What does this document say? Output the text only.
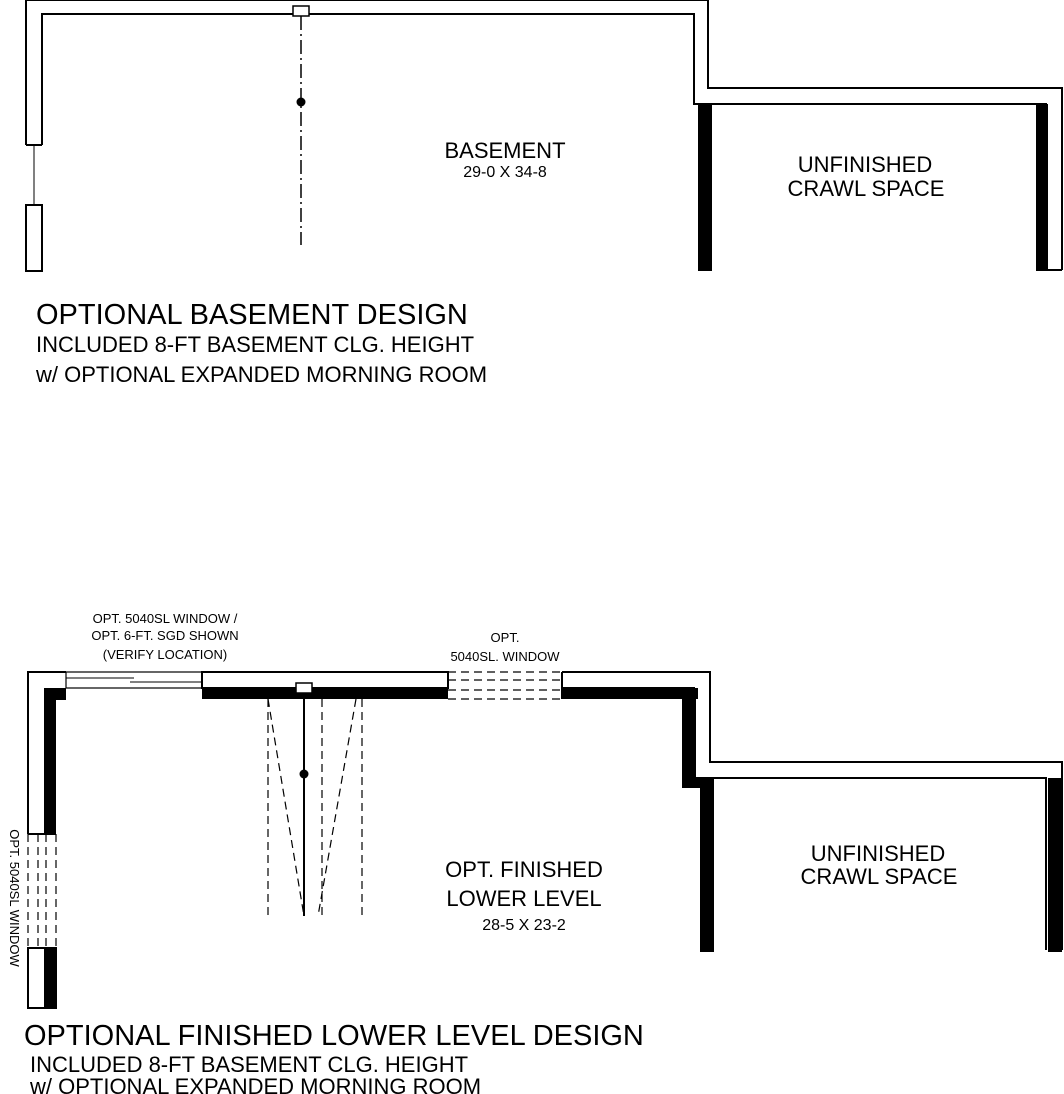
BASEMENT
29-0 X 34-8	UNFINISHED
CRAWL SPACE
OPTIONAL BASEMENT DESIGN
INCLUDED 8-FT BASEMENT CLG. HEIGHT
w/ OPTIONAL EXPANDED MORNING ROOM
OPT. 5040SL WINDOW /
OPT. 6-FT. SGD SHOWN
(VERIFY LOCATION)
OPT.
5040SL. WINDOW
OPT. 5040SL WINDOW	OPT. FINISHED
LOWER LEVEL
28-5 X 23-2
UNFINISHED
CRAWL SPACE
OPTIONAL FINISHED LOWER LEVEL DESIGN
INCLUDED 8-FT BASEMENT CLG. HEIGHT
w/ OPTIONAL EXPANDED MORNING ROOM
